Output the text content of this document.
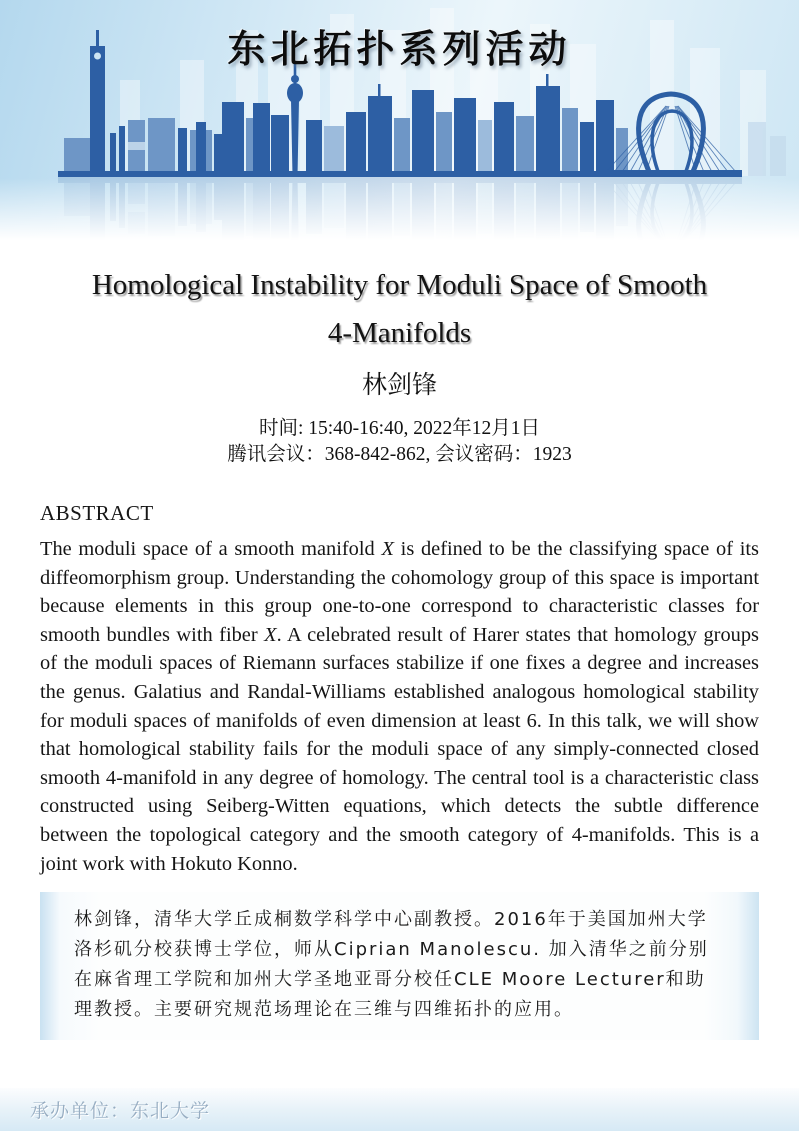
东北拓扑系列活动
Homological Instability for Moduli Space of Smooth
4-Manifolds
林剑锋
时间: 15:40-16:40, 2022年12月1日
腾讯会议：368-842-862, 会议密码：1923
ABSTRACT

The moduli space of a smooth manifold X is defined to be the classifying space of its diffeomorphism group. Understanding the cohomology group of this space is important because elements in this group one-to-one correspond to characteristic classes for smooth bundles with fiber X. A celebrated result of Harer states that homology groups of the moduli spaces of Riemann surfaces stabilize if one fixes a degree and increases the genus. Galatius and Randal-Williams established analogous homological stability for moduli spaces of manifolds of even dimension at least 6. In this talk, we will show that homological stability fails for the moduli space of any simply-connected closed smooth 4-manifold in any degree of homology. The central tool is a characteristic class constructed using Seiberg-Witten equations, which detects the subtle difference between the topological category and the smooth category of 4-manifolds. This is a joint work with Hokuto Konno.

林剑锋，清华大学丘成桐数学科学中心副教授。2016年于美国加州大学洛杉矶分校获博士学位，师从Ciprian Manolescu. 加入清华之前分别在麻省理工学院和加州大学圣地亚哥分校任CLE Moore Lecturer和助理教授。主要研究规范场理论在三维与四维拓扑的应用。
承办单位：东北大学
